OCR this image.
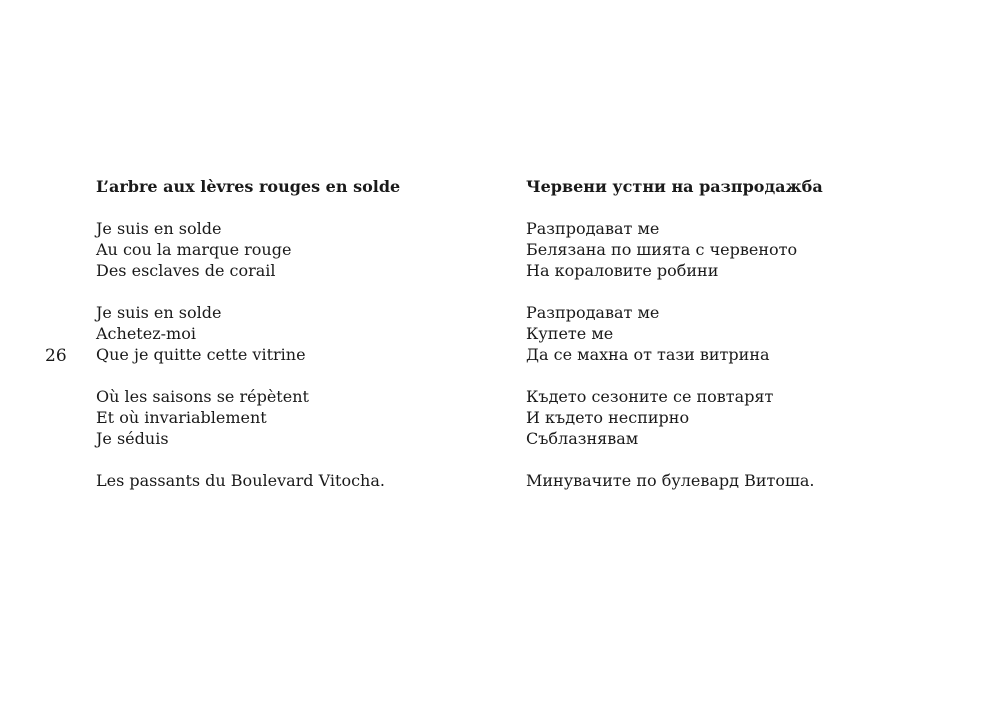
26

L’arbre aux lèvres rouges en solde
Je suis en solde
Au cou la marque rouge
Des esclaves de corail
Je suis en solde
Achetez-moi
Que je quitte cette vitrine
Où les saisons se répètent
Et où invariablement
Je séduis
Les passants du Boulevard Vitocha.
Червени устни на разпродажба
Разпродават ме
Белязана по шията с червеното
На кораловите робини
Разпродават ме
Купете ме
Да се махна от тази витрина
Където сезоните се повтарят
И където неспирно
Съблазнявам
Минувачите по булевард Витоша.
